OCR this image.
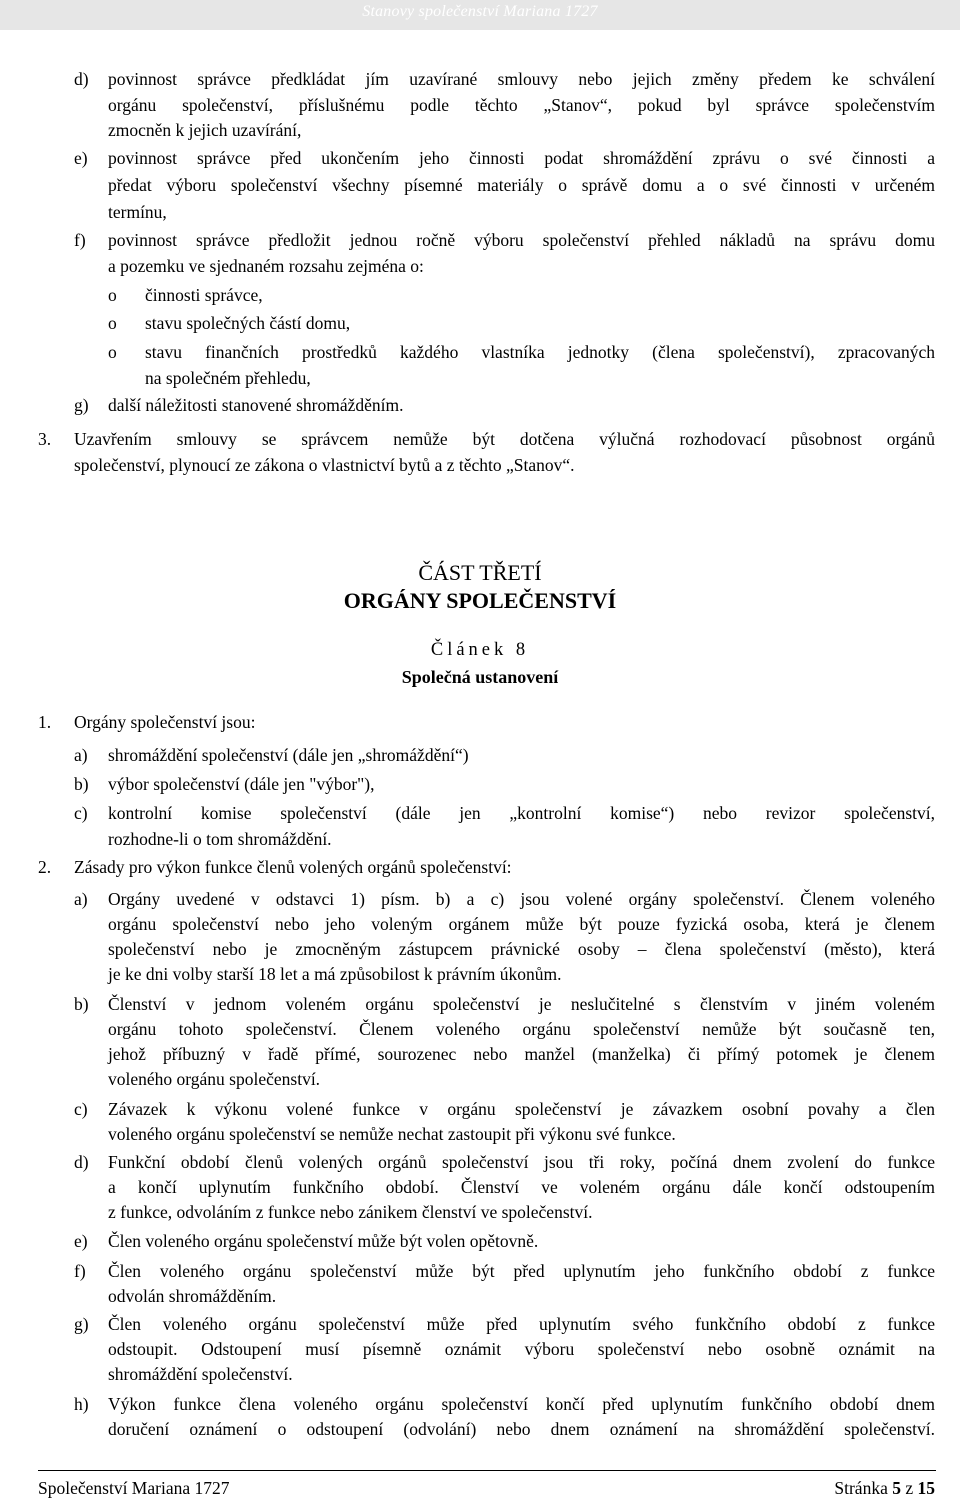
Stanovy společenství Mariana 1727
d) povinnost správce předkládat jím uzavírané smlouvy nebo jejich změny předem ke schválení
orgánu společenství, příslušnému podle těchto „Stanov“, pokud byl správce společenstvím
zmocněn k jejich uzavírání,
e) povinnost správce před ukončením jeho činnosti podat shromáždění zprávu o své činnosti a
předat výboru společenství všechny písemné materiály o správě domu a o své činnosti v určeném
termínu,
f) povinnost správce předložit jednou ročně výboru společenství přehled nákladů na správu domu
a pozemku ve sjednaném rozsahu zejména o:
o činnosti správce,
o stavu společných částí domu,
o stavu finančních prostředků každého vlastníka jednotky (člena společenství), zpracovaných
na společném přehledu,
g) další náležitosti stanovené shromážděním.
3. Uzavřením smlouvy se správcem nemůže být dotčena výlučná rozhodovací působnost orgánů
společenství, plynoucí ze zákona o vlastnictví bytů a z těchto „Stanov“.
ČÁST TŘETÍ
ORGÁNY SPOLEČENSTVÍ
Článek 8
Společná ustanovení
1. Orgány společenství jsou:
a) shromáždění společenství (dále jen „shromáždění“)
b) výbor společenství (dále jen "výbor"),
c) kontrolní komise společenství (dále jen „kontrolní komise“) nebo revizor společenství,
rozhodne-li o tom shromáždění.
2. Zásady pro výkon funkce členů volených orgánů společenství:
a) Orgány uvedené v odstavci 1) písm. b) a c) jsou volené orgány společenství. Členem voleného
orgánu společenství nebo jeho voleným orgánem může být pouze fyzická osoba, která je členem
společenství nebo je zmocněným zástupcem právnické osoby – člena společenství (město), která
je ke dni volby starší 18 let a má způsobilost k právním úkonům.
b) Členství v jednom voleném orgánu společenství je neslučitelné s členstvím v jiném voleném
orgánu tohoto společenství. Členem voleného orgánu společenství nemůže být současně ten,
jehož příbuzný v řadě přímé, sourozenec nebo manžel (manželka) či přímý potomek je členem
voleného orgánu společenství.
c) Závazek k výkonu volené funkce v orgánu společenství je závazkem osobní povahy a člen
voleného orgánu společenství se nemůže nechat zastoupit při výkonu své funkce.
d) Funkční období členů volených orgánů společenství jsou tři roky, počíná dnem zvolení do funkce
a končí uplynutím funkčního období. Členství ve voleném orgánu dále končí odstoupením
z funkce, odvoláním z funkce nebo zánikem členství ve společenství.
e) Člen voleného orgánu společenství může být volen opětovně.
f) Člen voleného orgánu společenství může být před uplynutím jeho funkčního období z funkce
odvolán shromážděním.
g) Člen voleného orgánu společenství může před uplynutím svého funkčního období z funkce
odstoupit. Odstoupení musí písemně oznámit výboru společenství nebo osobně oznámit na
shromáždění společenství.
h) Výkon funkce člena voleného orgánu společenství končí před uplynutím funkčního období dnem
doručení oznámení o odstoupení (odvolání) nebo dnem oznámení na shromáždění společenství.
Společenství Mariana 1727	Stránka 5 z 15
